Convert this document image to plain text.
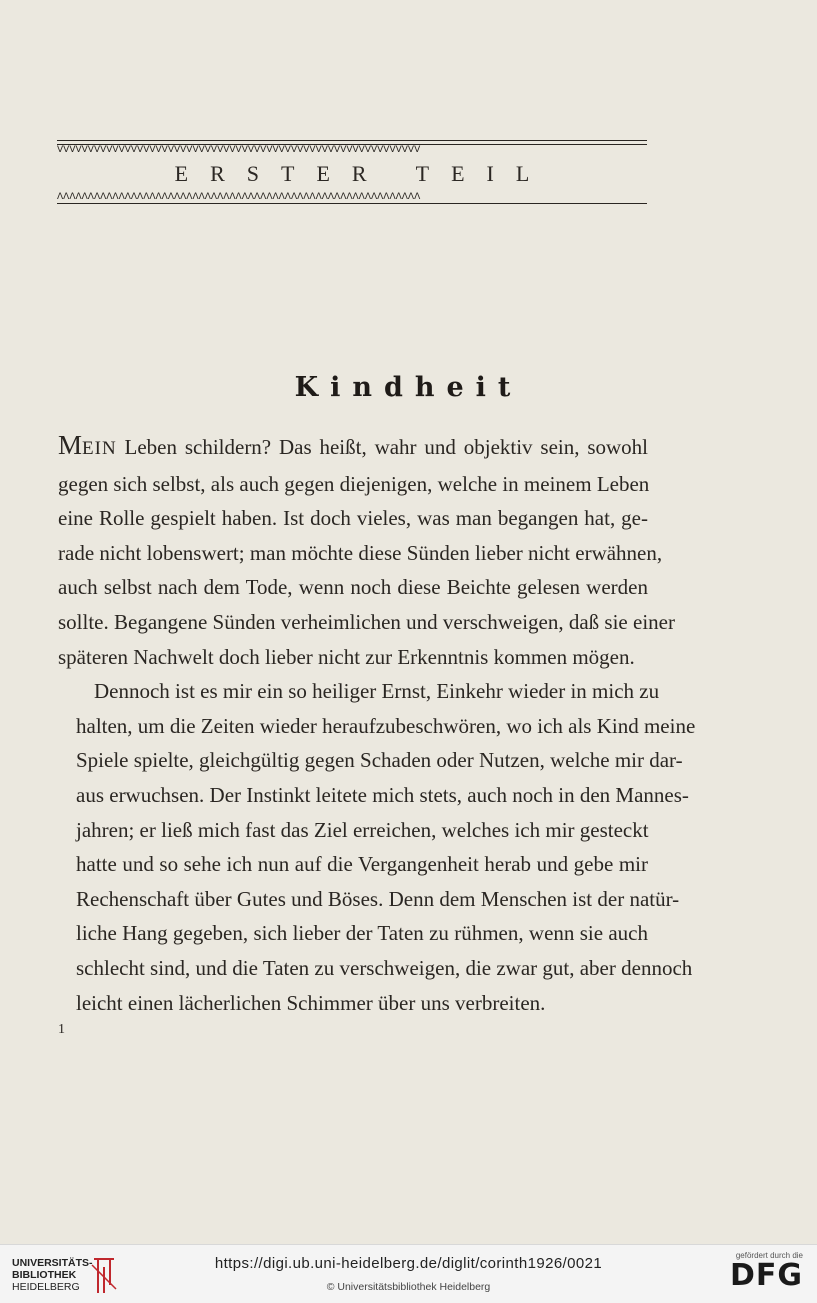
VVVVVVVVVVVVVVVVVVVVVVVVVVVVVVVVVVVVVVVVVVVVVVVVVVVVVVVVVVV
ERSTER TEIL
ΛΛΛΛΛΛΛΛΛΛΛΛΛΛΛΛΛΛΛΛΛΛΛΛΛΛΛΛΛΛΛΛΛΛΛΛΛΛΛΛΛΛΛΛΛΛΛΛΛΛΛΛΛΛΛΛΛΛΛ
Kindheit

MEIN Leben schildern? Das heißt, wahr und objektiv sein, sowohl
gegen sich selbst, als auch gegen diejenigen, welche in meinem Leben
eine Rolle gespielt haben. Ist doch vieles, was man begangen hat, ge-
rade nicht lobenswert; man möchte diese Sünden lieber nicht erwähnen,
auch selbst nach dem Tode, wenn noch diese Beichte gelesen werden
sollte. Begangene Sünden verheimlichen und verschweigen, daß sie einer
späteren Nachwelt doch lieber nicht zur Erkenntnis kommen mögen.

Dennoch ist es mir ein so heiliger Ernst, Einkehr wieder in mich zu
halten, um die Zeiten wieder heraufzubeschwören, wo ich als Kind meine
Spiele spielte, gleichgültig gegen Schaden oder Nutzen, welche mir dar-
aus erwuchsen. Der Instinkt leitete mich stets, auch noch in den Mannes-
jahren; er ließ mich fast das Ziel erreichen, welches ich mir gesteckt
hatte und so sehe ich nun auf die Vergangenheit herab und gebe mir
Rechenschaft über Gutes und Böses. Denn dem Menschen ist der natür-
liche Hang gegeben, sich lieber der Taten zu rühmen, wenn sie auch
schlecht sind, und die Taten zu verschweigen, die zwar gut, aber dennoch
leicht einen lächerlichen Schimmer über uns verbreiten.

1
UNIVERSITÄTS-
BIBLIOTHEK
HEIDELBERG
https://digi.ub.uni-heidelberg.de/diglit/corinth1926/0021
© Universitätsbibliothek Heidelberg
gefördert durch die
DFG
